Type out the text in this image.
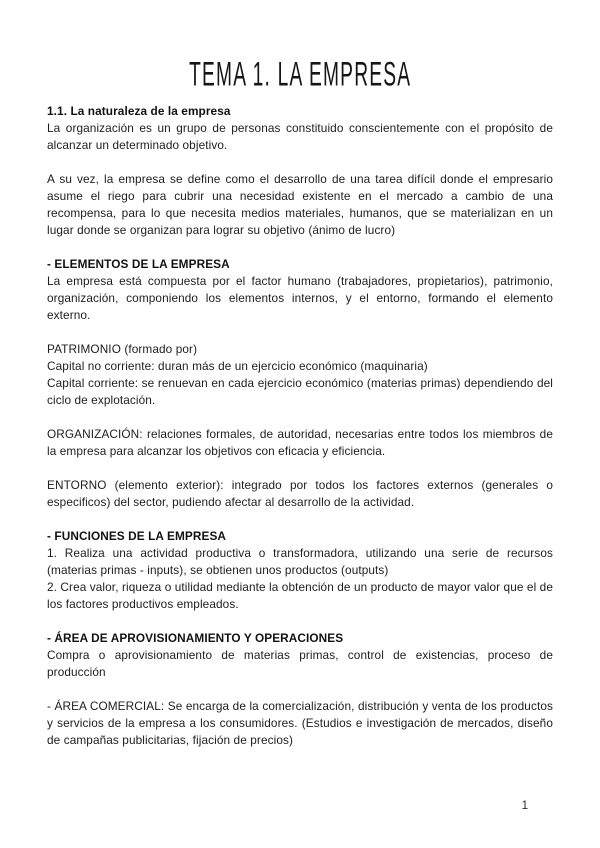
TEMA 1. LA EMPRESA

1.1. La naturaleza de la empresa

La organización es un grupo de personas constituido conscientemente con el propósito de alcanzar un determinado objetivo.

A su vez, la empresa se define como el desarrollo de una tarea difícil donde el empresario asume el riego para cubrir una necesidad existente en el mercado a cambio de una recompensa, para lo que necesita medios materiales, humanos, que se materializan en un lugar donde se organizan para lograr su objetivo (ánimo de lucro)

- ELEMENTOS DE LA EMPRESA

La empresa está compuesta por el factor humano (trabajadores, propietarios), patrimonio, organización, componiendo los elementos internos, y el entorno, formando el elemento externo.

PATRIMONIO (formado por)

Capital no corriente: duran más de un ejercicio económico (maquinaria)

Capital corriente: se renuevan en cada ejercicio económico (materias primas) dependiendo del ciclo de explotación.

ORGANIZACIÓN: relaciones formales, de autoridad, necesarias entre todos los miembros de la empresa para alcanzar los objetivos con eficacia y eficiencia.

ENTORNO (elemento exterior): integrado por todos los factores externos (generales o especificos) del sector, pudiendo afectar al desarrollo de la actividad.

- FUNCIONES DE LA EMPRESA

1. Realiza una actividad productiva o transformadora, utilizando una serie de recursos (materias primas - inputs), se obtienen unos productos (outputs)

2. Crea valor, riqueza o utilidad mediante la obtención de un producto de mayor valor que el de los factores productivos empleados.

- ÁREA DE APROVISIONAMIENTO Y OPERACIONES

Compra o aprovisionamiento de materias primas, control de existencias, proceso de producción

- ÁREA COMERCIAL: Se encarga de la comercialización, distribución y venta de los productos y servicios de la empresa a los consumidores. (Estudios e investigación de mercados, diseño de campañas publicitarias, fijación de precios)

1
